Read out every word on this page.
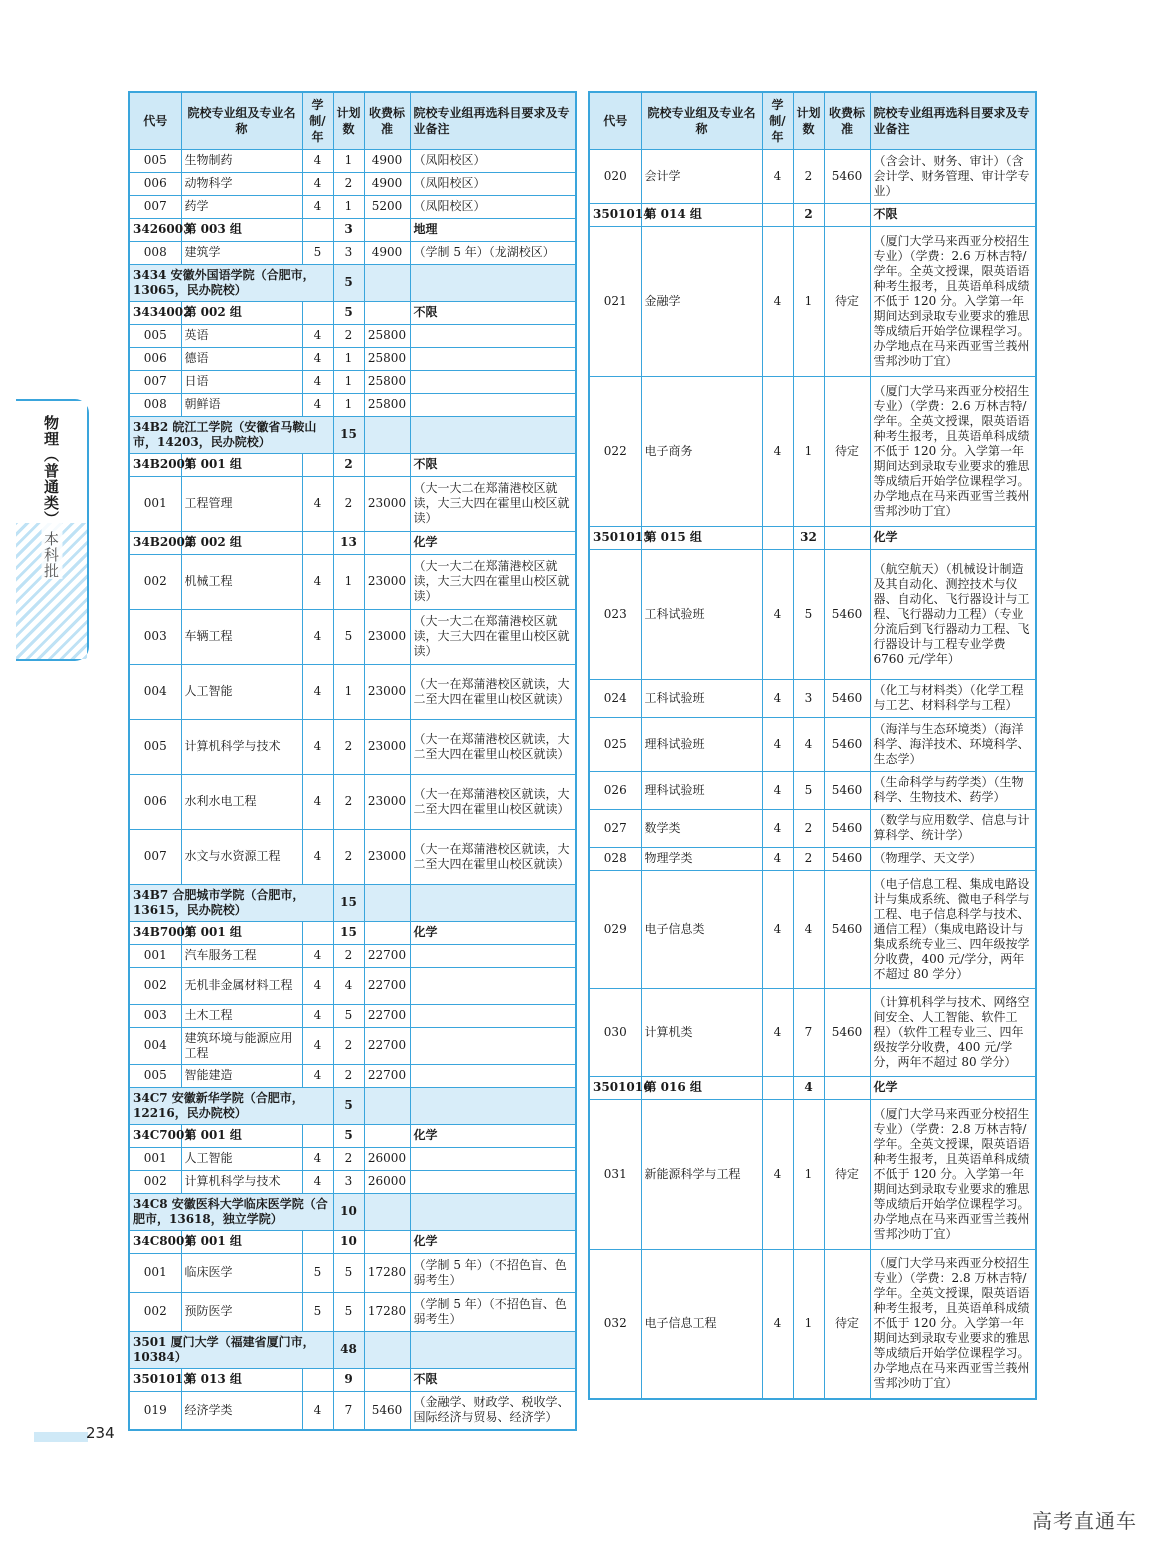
代号	院校专业组及专业名称	学制/年	计划数	收费标准	院校专业组再选科目要求及专业备注
005	生物制药	4	1	4900	（凤阳校区）
006	动物科学	4	2	4900	（凤阳校区）
007	药学	4	1	5200	（凤阳校区）
3426003	第 003 组		3		地理
008	建筑学	5	3	4900	（学制 5 年）（龙湖校区）
3434 安徽外国语学院（合肥市，13065，民办院校）			5		
3434002	第 002 组		5		不限
005	英语	4	2	25800	
006	德语	4	1	25800	
007	日语	4	1	25800	
008	朝鲜语	4	1	25800	
34B2 皖江工学院（安徽省马鞍山市，14203，民办院校）			15		
34B2001	第 001 组		2		不限
001	工程管理	4	2	23000	（大一大二在郑蒲港校区就读，大三大四在霍里山校区就读）
34B2002	第 002 组		13		化学
002	机械工程	4	1	23000	（大一大二在郑蒲港校区就读，大三大四在霍里山校区就读）
003	车辆工程	4	5	23000	（大一大二在郑蒲港校区就读，大三大四在霍里山校区就读）
004	人工智能	4	1	23000	（大一在郑蒲港校区就读，大二至大四在霍里山校区就读）
005	计算机科学与技术	4	2	23000	（大一在郑蒲港校区就读，大二至大四在霍里山校区就读）
006	水利水电工程	4	2	23000	（大一在郑蒲港校区就读，大二至大四在霍里山校区就读）
007	水文与水资源工程	4	2	23000	（大一在郑蒲港校区就读，大二至大四在霍里山校区就读）
34B7 合肥城市学院（合肥市，13615，民办院校）			15		
34B7001	第 001 组		15		化学
001	汽车服务工程	4	2	22700	
002	无机非金属材料工程	4	4	22700	
003	土木工程	4	5	22700	
004	建筑环境与能源应用工程	4	2	22700	
005	智能建造	4	2	22700	
34C7 安徽新华学院（合肥市，12216，民办院校）			5		
34C7001	第 001 组		5		化学
001	人工智能	4	2	26000	
002	计算机科学与技术	4	3	26000	
34C8 安徽医科大学临床医学院（合肥市，13618，独立学院）			10		
34C8001	第 001 组		10		化学
001	临床医学	5	5	17280	（学制 5 年）（不招色盲、色弱考生）
002	预防医学	5	5	17280	（学制 5 年）（不招色盲、色弱考生）
3501 厦门大学（福建省厦门市，10384）			48		
3501013	第 013 组		9		不限
019	经济学类	4	7	5460	（金融学、财政学、税收学、国际经济与贸易、经济学）
代号	院校专业组及专业名称	学制/年	计划数	收费标准	院校专业组再选科目要求及专业备注
020	会计学	4	2	5460	（含会计、财务、审计）（含会计学、财务管理、审计学专业）
3501014	第 014 组		2		不限
021	金融学	4	1	待定	（厦门大学马来西亚分校招生专业）（学费：2.6 万林吉特/学年。全英文授课，限英语语种考生报考，且英语单科成绩不低于 120 分。入学第一年期间达到录取专业要求的雅思等成绩后开始学位课程学习。办学地点在马来西亚雪兰莪州雪邦沙叻丁宜）
022	电子商务	4	1	待定	（厦门大学马来西亚分校招生专业）（学费：2.6 万林吉特/学年。全英文授课，限英语语种考生报考，且英语单科成绩不低于 120 分。入学第一年期间达到录取专业要求的雅思等成绩后开始学位课程学习。办学地点在马来西亚雪兰莪州雪邦沙叻丁宜）
3501015	第 015 组		32		化学
023	工科试验班	4	5	5460	（航空航天）（机械设计制造及其自动化、测控技术与仪器、自动化、飞行器设计与工程、飞行器动力工程）（专业分流后到飞行器动力工程、飞行器设计与工程专业学费 6760 元/学年）
024	工科试验班	4	3	5460	（化工与材料类）（化学工程与工艺、材料科学与工程）
025	理科试验班	4	4	5460	（海洋与生态环境类）（海洋科学、海洋技术、环境科学、生态学）
026	理科试验班	4	5	5460	（生命科学与药学类）（生物科学、生物技术、药学）
027	数学类	4	2	5460	（数学与应用数学、信息与计算科学、统计学）
028	物理学类	4	2	5460	（物理学、天文学）
029	电子信息类	4	4	5460	（电子信息工程、集成电路设计与集成系统、微电子科学与工程、电子信息科学与技术、通信工程）（集成电路设计与集成系统专业三、四年级按学分收费，400 元/学分，两年不超过 80 学分）
030	计算机类	4	7	5460	（计算机科学与技术、网络空间安全、人工智能、软件工程）（软件工程专业三、四年级按学分收费，400 元/学分，两年不超过 80 学分）
3501016	第 016 组		4		化学
031	新能源科学与工程	4	1	待定	（厦门大学马来西亚分校招生专业）（学费：2.8 万林吉特/学年。全英文授课，限英语语种考生报考，且英语单科成绩不低于 120 分。入学第一年期间达到录取专业要求的雅思等成绩后开始学位课程学习。办学地点在马来西亚雪兰莪州雪邦沙叻丁宜）
032	电子信息工程	4	1	待定	（厦门大学马来西亚分校招生专业）（学费：2.8 万林吉特/学年。全英文授课，限英语语种考生报考，且英语单科成绩不低于 120 分。入学第一年期间达到录取专业要求的雅思等成绩后开始学位课程学习。办学地点在马来西亚雪兰莪州雪邦沙叻丁宜）
物理（普通类）本科批
234
高考直通车
